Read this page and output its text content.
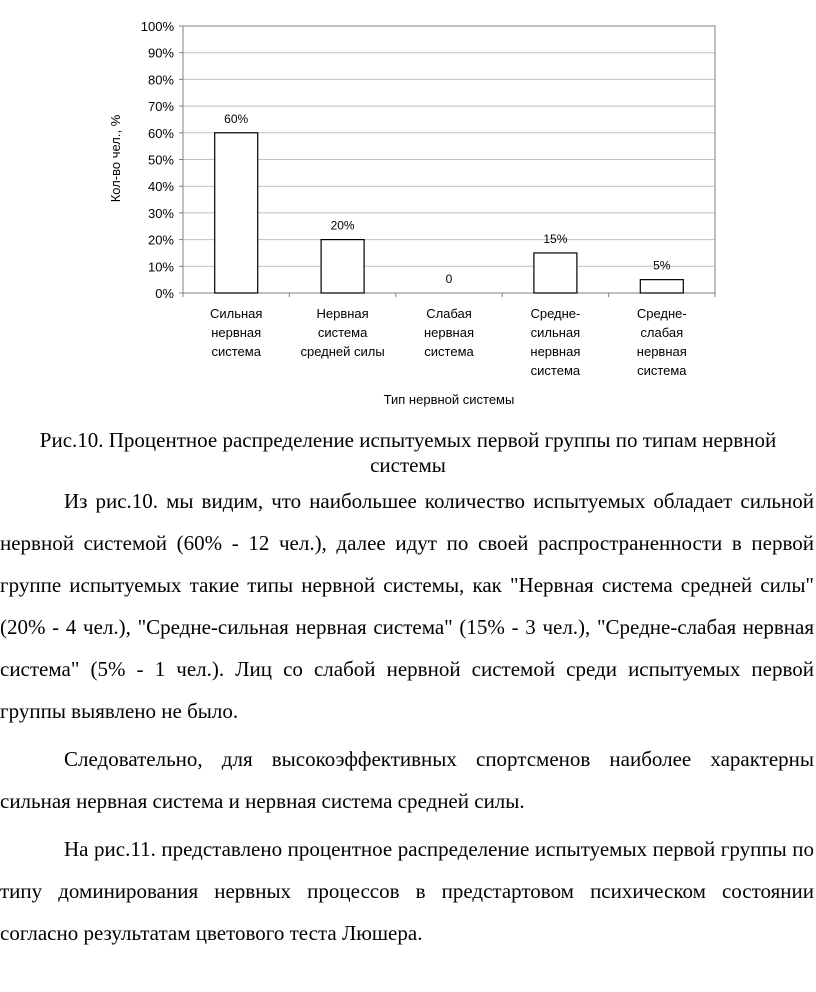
0%
10%
20%
30%
40%
50%
60%
70%
80%
90%
100%
60%
20%
0
15%
5%
Сильная нервная система
Нервная система средней силы
Слабая нервная система
Средне-сильная нервная система
Средне-слабая нервная система
Тип нервной системы
Кол-во чел., %

Рис.10. Процентное распределение испытуемых первой группы по типам нервной системы

Из рис.10. мы видим, что наибольшее количество испытуемых обладает сильной нервной системой (60% - 12 чел.), далее идут по своей распространенности в первой группе испытуемых такие типы нервной системы, как "Нервная система средней силы" (20% - 4 чел.), "Средне-сильная нервная система" (15% - 3 чел.), "Средне-слабая нервная система" (5% - 1 чел.). Лиц со слабой нервной системой среди испытуемых первой группы выявлено не было.

Следовательно, для высокоэффективных спортсменов наиболее характерны сильная нервная система и нервная система средней силы.

На рис.11. представлено процентное распределение испытуемых первой группы по типу доминирования нервных процессов в предстартовом психическом состоянии согласно результатам цветового теста Люшера.
